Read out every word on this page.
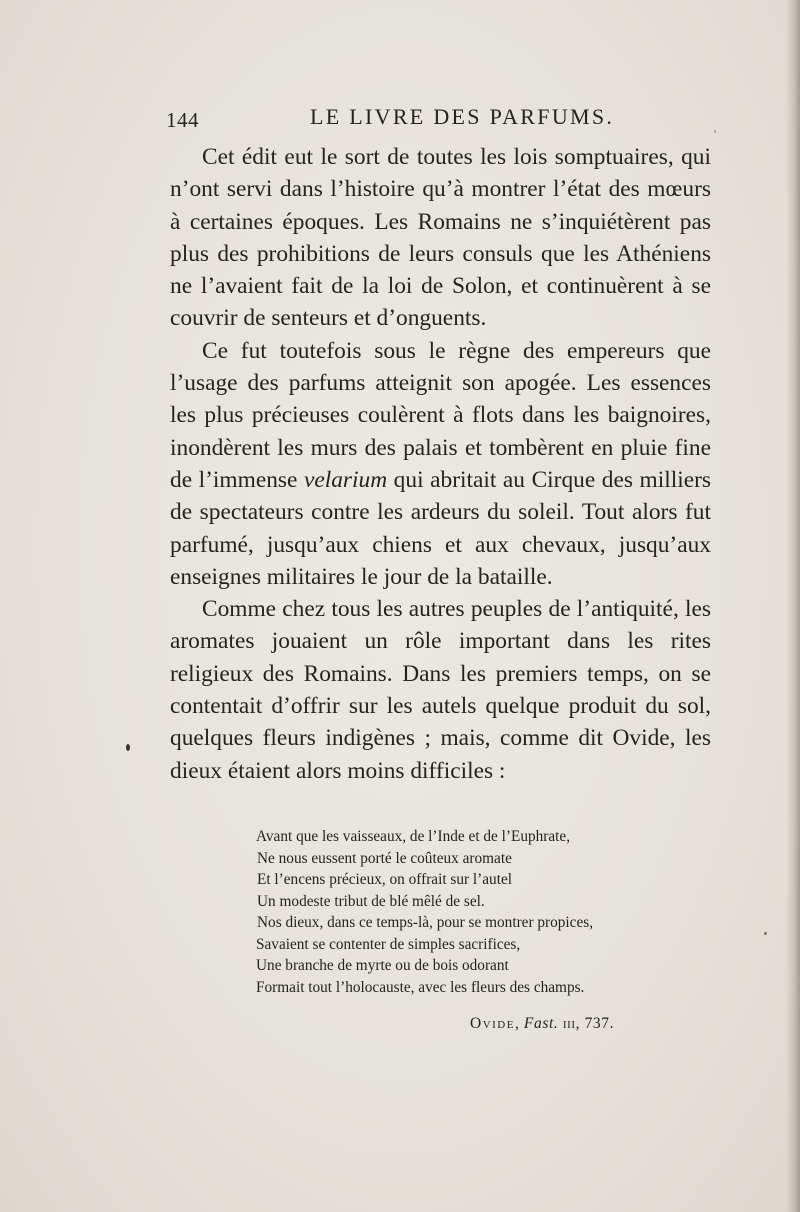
144	LE LIVRE DES PARFUMS.

Cet édit eut le sort de toutes les lois somptuaires, qui n’ont servi dans l’histoire qu’à montrer l’état des mœurs à certaines époques. Les Romains ne s’inquiétèrent pas plus des prohibitions de leurs consuls que les Athéniens ne l’avaient fait de la loi de Solon, et continuèrent à se couvrir de senteurs et d’onguents.

Ce fut toutefois sous le règne des empereurs que l’usage des parfums atteignit son apogée. Les essences les plus précieuses coulèrent à flots dans les baignoires, inondèrent les murs des palais et tombèrent en pluie fine de l’immense velarium qui abritait au Cirque des milliers de spectateurs contre les ardeurs du soleil. Tout alors fut parfumé, jusqu’aux chiens et aux chevaux, jusqu’aux enseignes militaires le jour de la bataille.

Comme chez tous les autres peuples de l’antiquité, les aromates jouaient un rôle important dans les rites religieux des Romains. Dans les premiers temps, on se contentait d’offrir sur les autels quelque produit du sol, quelques fleurs indigènes ; mais, comme dit Ovide, les dieux étaient alors moins difficiles :

Avant que les vaisseaux, de l’Inde et de l’Euphrate,
Ne nous eussent porté le coûteux aromate
Et l’encens précieux, on offrait sur l’autel
Un modeste tribut de blé mêlé de sel.
Nos dieux, dans ce temps-là, pour se montrer propices,
Savaient se contenter de simples sacrifices,
Une branche de myrte ou de bois odorant
Formait tout l’holocauste, avec les fleurs des champs.
Ovide, Fast. iii, 737.
